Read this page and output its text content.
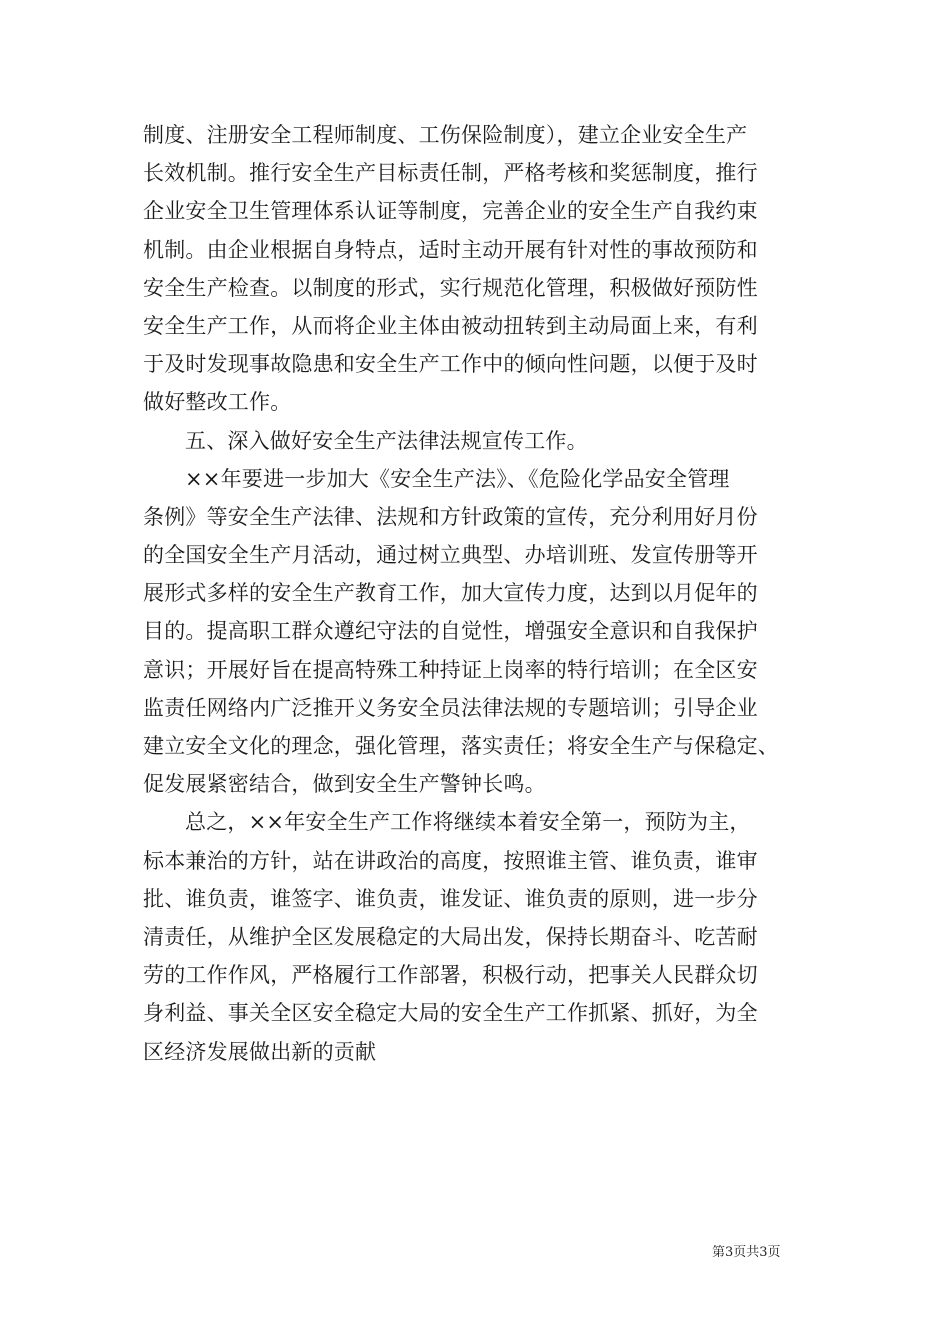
制度、注册安全工程师制度、工伤保险制度），建立企业安全生产
长效机制。推行安全生产目标责任制，严格考核和奖惩制度，推行
企业安全卫生管理体系认证等制度，完善企业的安全生产自我约束
机制。由企业根据自身特点，适时主动开展有针对性的事故预防和
安全生产检查。以制度的形式，实行规范化管理，积极做好预防性
安全生产工作，从而将企业主体由被动扭转到主动局面上来，有利
于及时发现事故隐患和安全生产工作中的倾向性问题，以便于及时
做好整改工作。
五、深入做好安全生产法律法规宣传工作。
××年要进一步加大《安全生产法》、《危险化学品安全管理
条例》等安全生产法律、法规和方针政策的宣传，充分利用好月份
的全国安全生产月活动，通过树立典型、办培训班、发宣传册等开
展形式多样的安全生产教育工作，加大宣传力度，达到以月促年的
目的。提高职工群众遵纪守法的自觉性，增强安全意识和自我保护
意识；开展好旨在提高特殊工种持证上岗率的特行培训；在全区安
监责任网络内广泛推开义务安全员法律法规的专题培训；引导企业
建立安全文化的理念，强化管理，落实责任；将安全生产与保稳定、
促发展紧密结合，做到安全生产警钟长鸣。
总之，××年安全生产工作将继续本着安全第一，预防为主，
标本兼治的方针，站在讲政治的高度，按照谁主管、谁负责，谁审
批、谁负责，谁签字、谁负责，谁发证、谁负责的原则，进一步分
清责任，从维护全区发展稳定的大局出发，保持长期奋斗、吃苦耐
劳的工作作风，严格履行工作部署，积极行动，把事关人民群众切
身利益、事关全区安全稳定大局的安全生产工作抓紧、抓好，为全
区经济发展做出新的贡献
第3页共3页
